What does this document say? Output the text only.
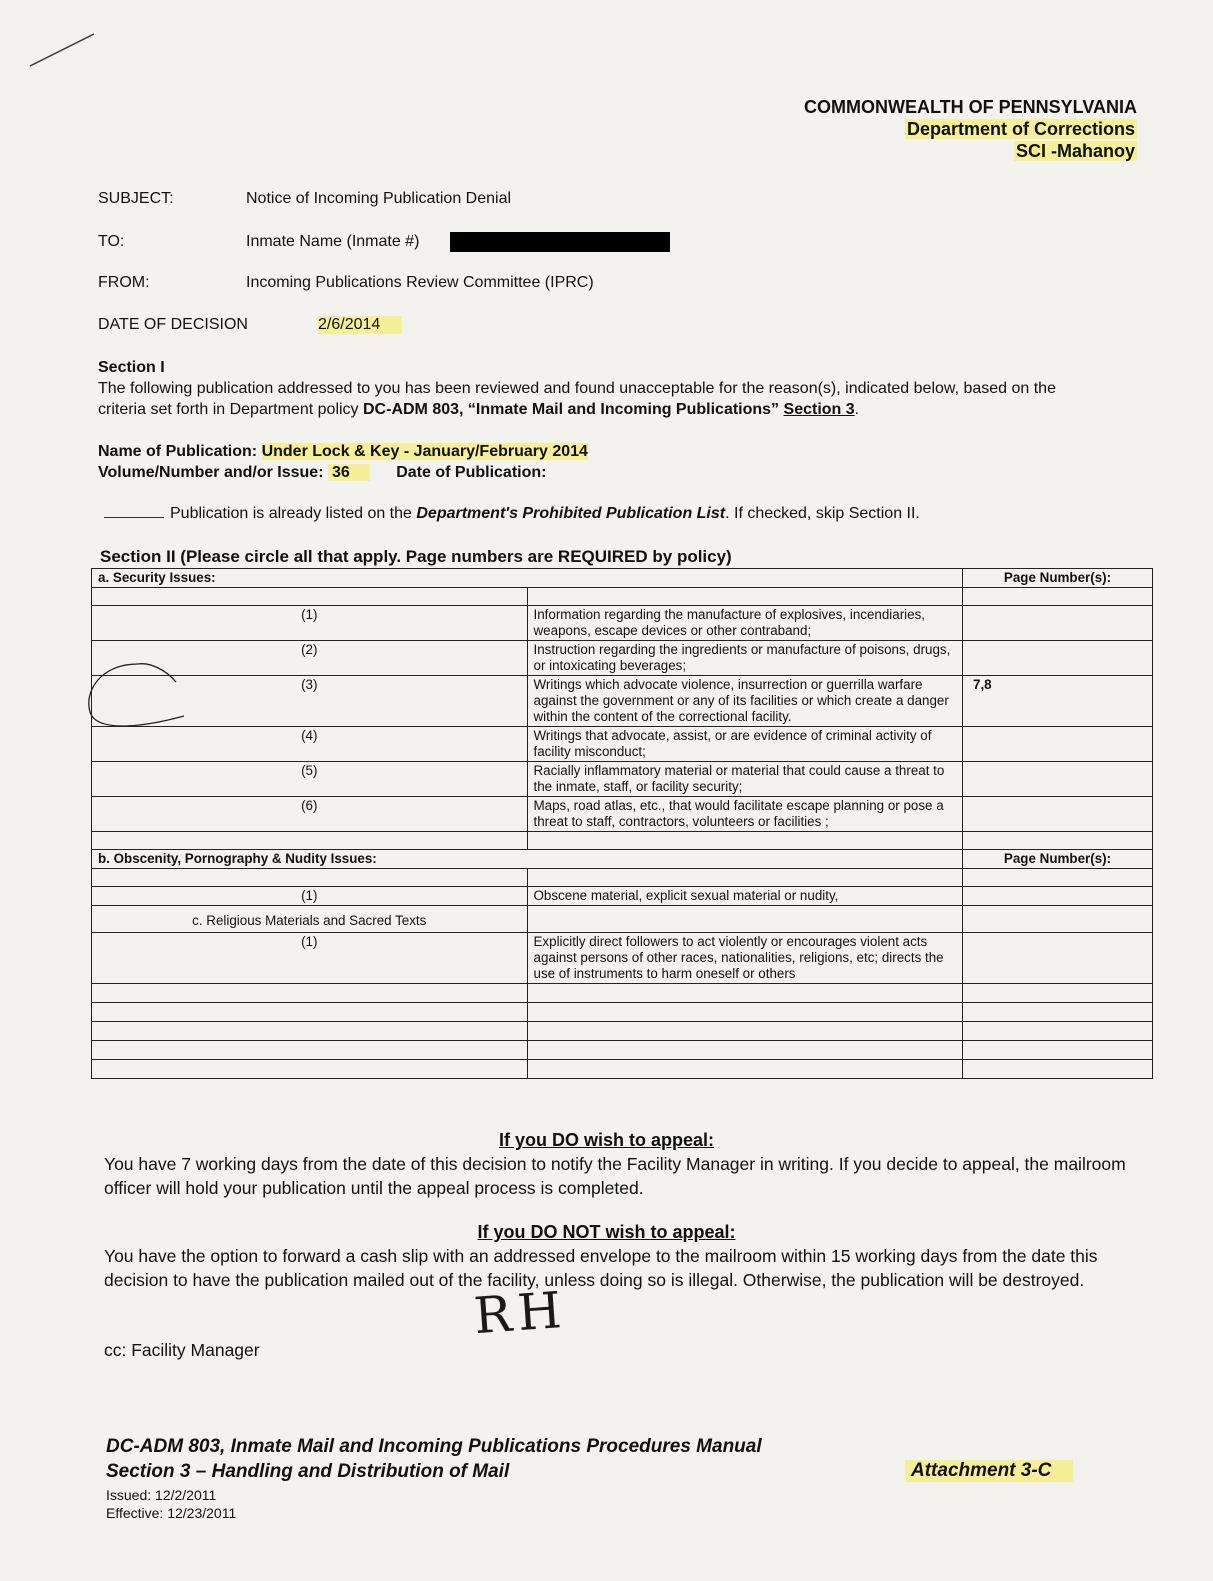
COMMONWEALTH OF PENNSYLVANIA
Department of Corrections
SCI -Mahanoy
SUBJECT:	Notice of Incoming Publication Denial
TO:	Inmate Name (Inmate #)
FROM:	Incoming Publications Review Committee (IPRC)
DATE OF DECISION	2/6/2014
Section I
The following publication addressed to you has been reviewed and found unacceptable for the reason(s), indicated below, based on the criteria set forth in Department policy DC-ADM 803, “Inmate Mail and Incoming Publications” Section 3.
Name of Publication: Under Lock & Key - January/February 2014
Volume/Number and/or Issue: 36	Date of Publication:
Publication is already listed on the Department's Prohibited Publication List. If checked, skip Section II.
Section II (Please circle all that apply. Page numbers are REQUIRED by policy)
a. Security Issues:		Page Number(s):

(1)	Information regarding the manufacture of explosives, incendiaries, weapons, escape devices or other contraband;	
(2)	Instruction regarding the ingredients or manufacture of poisons, drugs, or intoxicating beverages;	
(3)	Writings which advocate violence, insurrection or guerrilla warfare against the government or any of its facilities or which create a danger within the content of the correctional facility.	7,8
(4)	Writings that advocate, assist, or are evidence of criminal activity of facility misconduct;	
(5)	Racially inflammatory material or material that could cause a threat to the inmate, staff, or facility security;	
(6)	Maps, road atlas, etc., that would facilitate escape planning or pose a threat to staff, contractors, volunteers or facilities ;	

b. Obscenity, Pornography & Nudity Issues:		Page Number(s):

(1)	Obscene material, explicit sexual material or nudity,	
c. Religious Materials and Sacred Texts		
(1)	Explicitly direct followers to act violently or encourages violent acts against persons of other races, nationalities, religions, etc; directs the use of instruments to harm oneself or others	

If you DO wish to appeal:
You have 7 working days from the date of this decision to notify the Facility Manager in writing. If you decide to appeal, the mailroom officer will hold your publication until the appeal process is completed.
If you DO NOT wish to appeal:
You have the option to forward a cash slip with an addressed envelope to the mailroom within 15 working days from the date this decision to have the publication mailed out of the facility, unless doing so is illegal. Otherwise, the publication will be destroyed.
cc: Facility Manager
RH
DC-ADM 803, Inmate Mail and Incoming Publications Procedures Manual
Section 3 – Handling and Distribution of Mail
Issued: 12/2/2011
Effective: 12/23/2011
Attachment 3-C
